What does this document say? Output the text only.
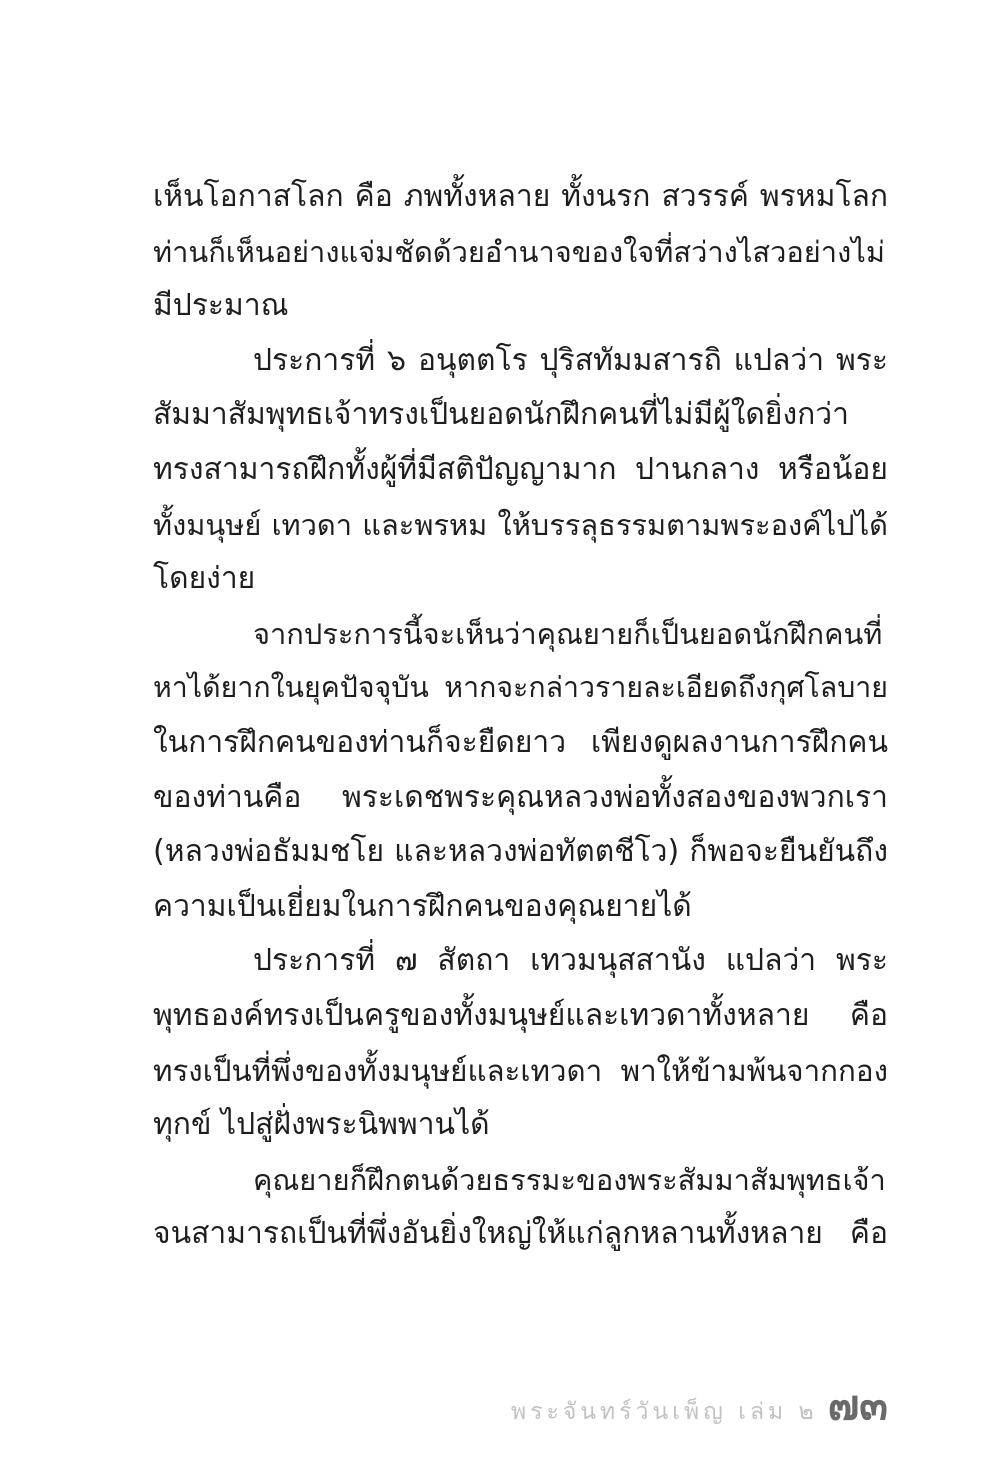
เห็นโอกาสโลก คือ ภพทั้งหลาย ทั้งนรก สวรรค์ พรหมโลก
ท่านก็เห็นอย่างแจ่มชัดด้วยอำนาจของใจที่สว่างไสวอย่างไม่
มีประมาณ
ประการที่ ๖ อนุตตโร ปุริสทัมมสารถิ แปลว่า พระ
สัมมาสัมพุทธเจ้าทรงเป็นยอดนักฝึกคนที่ไม่มีผู้ใดยิ่งกว่า
ทรงสามารถฝึกทั้งผู้ที่มีสติปัญญามาก ปานกลาง หรือน้อย
ทั้งมนุษย์ เทวดา และพรหม ให้บรรลุธรรมตามพระองค์ไปได้
โดยง่าย
จากประการนี้จะเห็นว่าคุณยายก็เป็นยอดนักฝึกคนที่
หาได้ยากในยุคปัจจุบัน หากจะกล่าวรายละเอียดถึงกุศโลบาย
ในการฝึกคนของท่านก็จะยืดยาว เพียงดูผลงานการฝึกคน
ของท่านคือ พระเดชพระคุณหลวงพ่อทั้งสองของพวกเรา
(หลวงพ่อธัมมชโย และหลวงพ่อทัตตชีโว) ก็พอจะยืนยันถึง
ความเป็นเยี่ยมในการฝึกคนของคุณยายได้
ประการที่ ๗ สัตถา เทวมนุสสานัง แปลว่า พระ
พุทธองค์ทรงเป็นครูของทั้งมนุษย์และเทวดาทั้งหลาย คือ
ทรงเป็นที่พึ่งของทั้งมนุษย์และเทวดา พาให้ข้ามพ้นจากกอง
ทุกข์ ไปสู่ฝั่งพระนิพพานได้
คุณยายก็ฝึกตนด้วยธรรมะของพระสัมมาสัมพุทธเจ้า
จนสามารถเป็นที่พึ่งอันยิ่งใหญ่ให้แก่ลูกหลานทั้งหลาย คือ
พระจันทร์วันเพ็ญ เล่ม ๒ ๗๓
